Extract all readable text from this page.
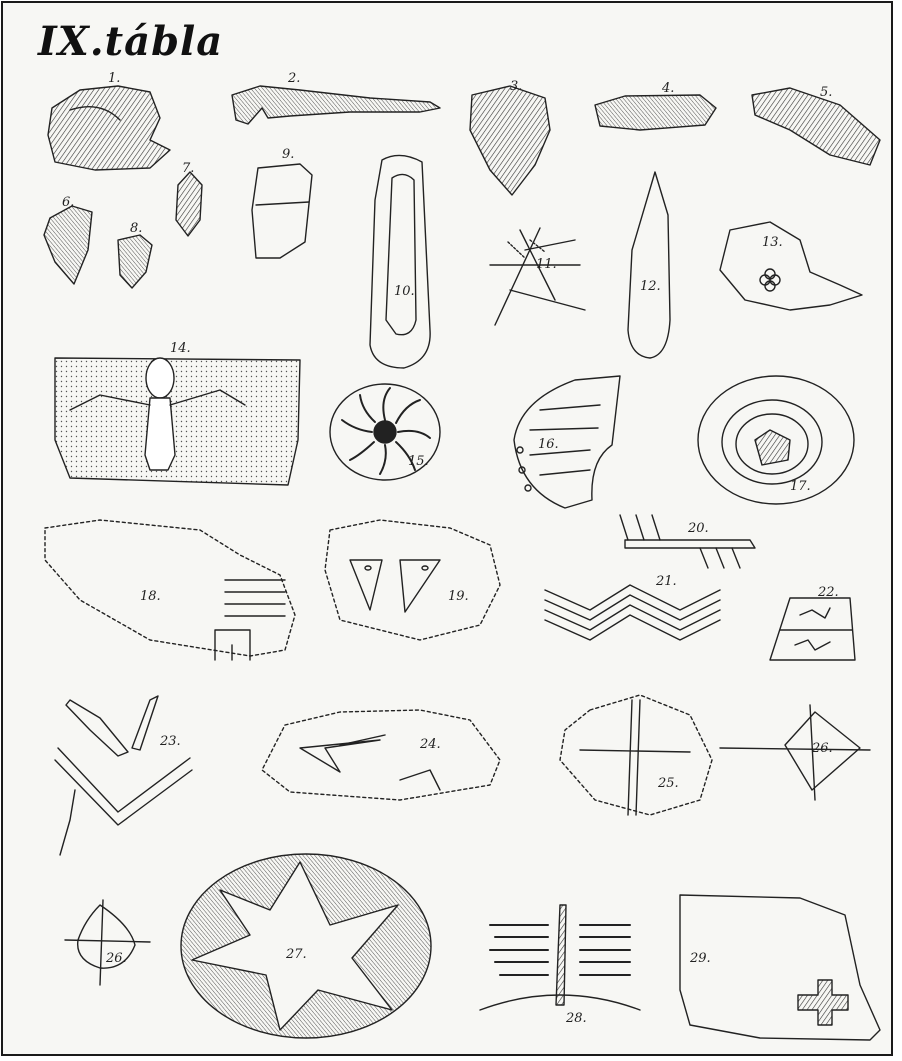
IX.tábla
1.	2.
3.	4.	5.
6.
7.
8.
9.
10.
11.
12.
13.
14.
15.
16.
17.
18.	19.
20.
21.
22.
23.	24.
25.
26.
26.	27.
28.
29.
